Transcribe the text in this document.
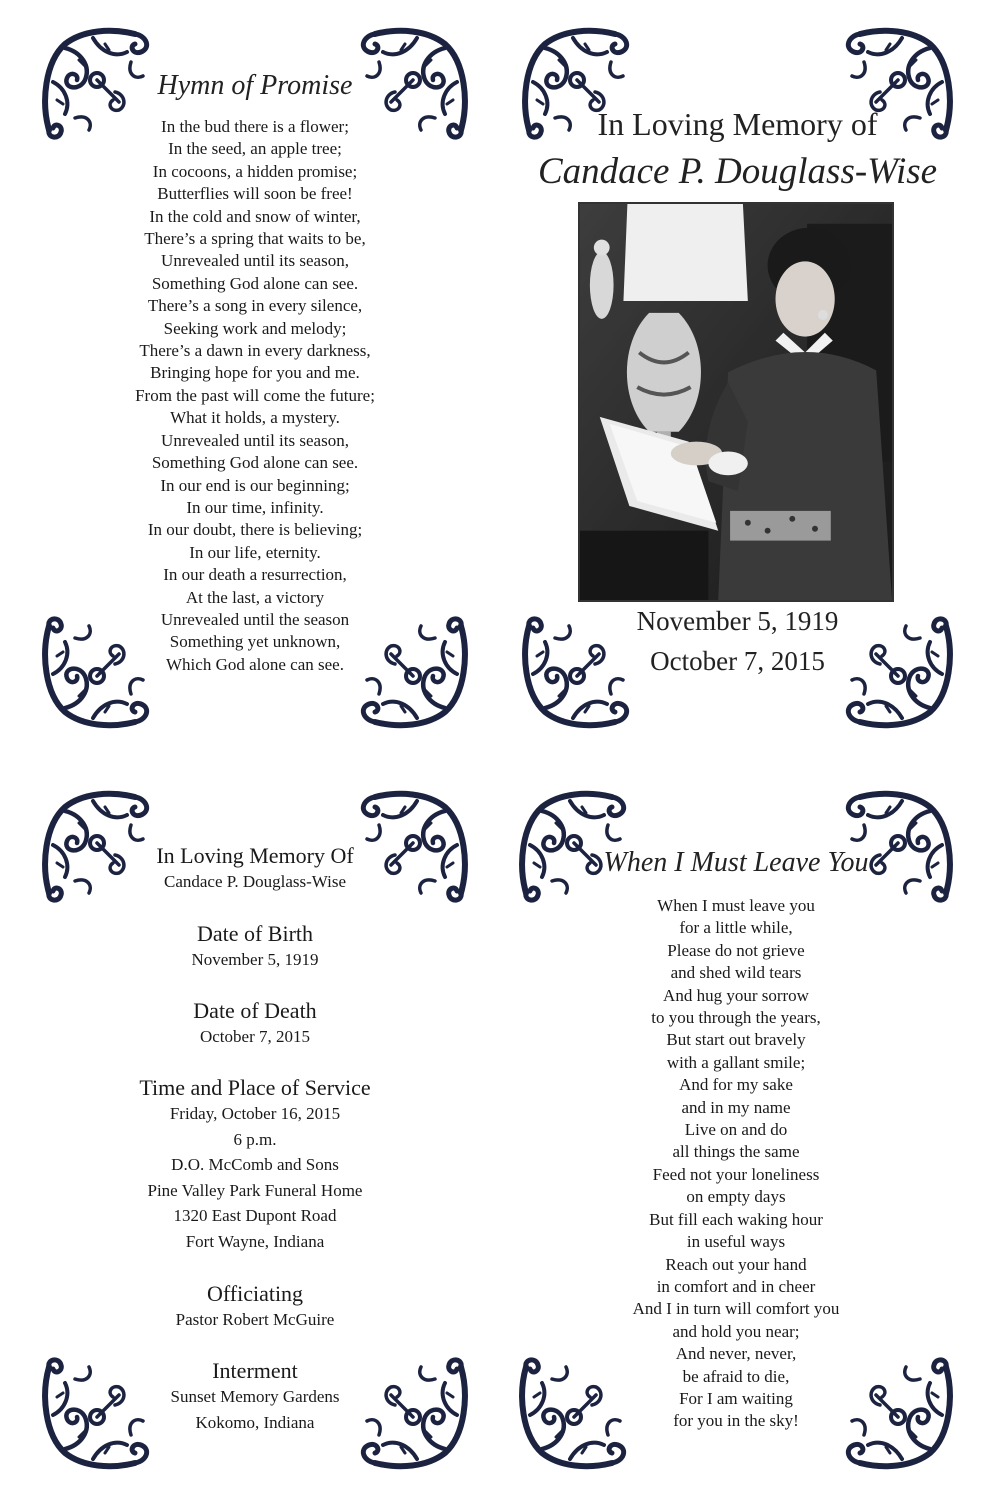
Hymn of Promise
In the bud there is a flower;
In the seed, an apple tree;
In cocoons, a hidden promise;
Butterflies will soon be free!
In the cold and snow of winter,
There’s a spring that waits to be,
Unrevealed until its season,
Something God alone can see.
There’s a song in every silence,
Seeking work and melody;
There’s a dawn in every darkness,
Bringing hope for you and me.
From the past will come the future;
What it holds, a mystery.
Unrevealed until its season,
Something God alone can see.
In our end is our beginning;
In our time, infinity.
In our doubt, there is believing;
In our life, eternity.
In our death a resurrection,
At the last, a victory
Unrevealed until the season
Something yet unknown,
Which God alone can see.
In Loving Memory of
Candace P. Douglass-Wise
November 5, 1919
October 7, 2015

In Loving Memory Of

Candace P. Douglass-Wise

Date of Birth

November 5, 1919

Date of Death

October 7, 2015

Time and Place of Service

Friday, October 16, 2015
6 p.m.
D.O. McComb and Sons
Pine Valley Park Funeral Home
1320 East Dupont Road
Fort Wayne, Indiana

Officiating

Pastor Robert McGuire

Interment

Sunset Memory Gardens
Kokomo, Indiana
When I Must Leave You
When I must leave you
for a little while,
Please do not grieve
and shed wild tears
And hug your sorrow
to you through the years,
But start out bravely
with a gallant smile;
And for my sake
and in my name
Live on and do
all things the same
Feed not your loneliness
on empty days
But fill each waking hour
in useful ways
Reach out your hand
in comfort and in cheer
And I in turn will comfort you
and hold you near;
And never, never,
be afraid to die,
For I am waiting
for you in the sky!
